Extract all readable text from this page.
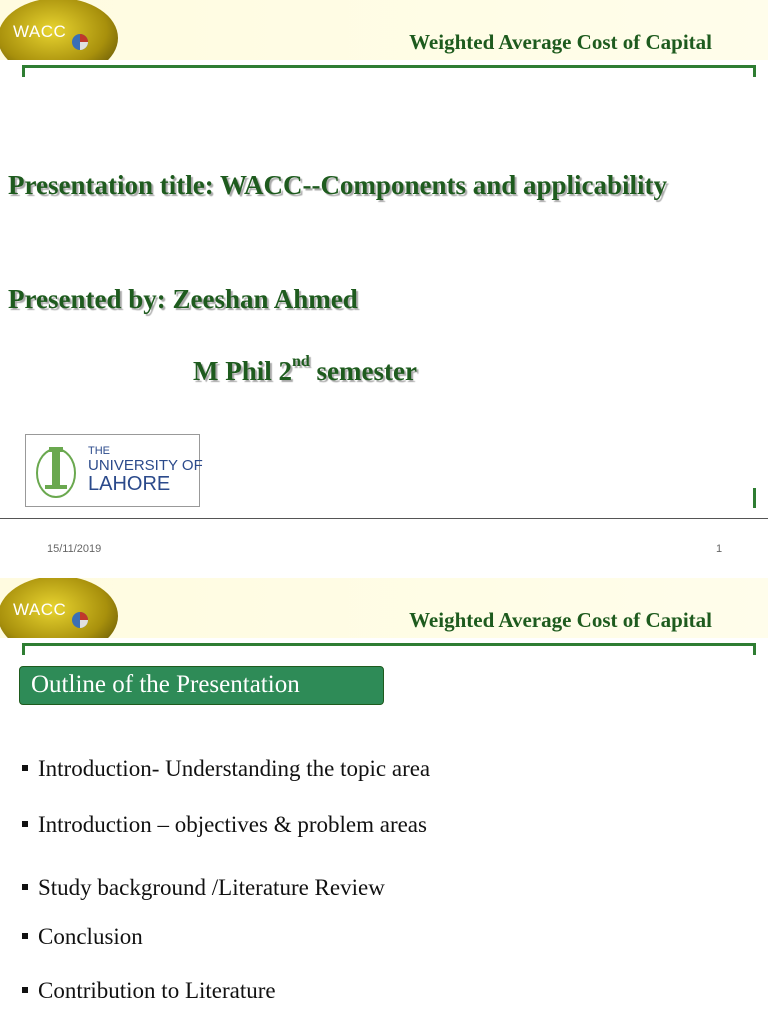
WACC	Weighted Average Cost of Capital
Presentation title: WACC--Components and applicability
Presented by: Zeeshan Ahmed
M Phil 2nd semester
THE
UNIVERSITY OF
LAHORE
15/11/2019	1
WACC	Weighted Average Cost of Capital
Outline of the Presentation
Introduction- Understanding the topic area
Introduction – objectives & problem areas
Study background /Literature Review
Conclusion
Contribution to Literature
